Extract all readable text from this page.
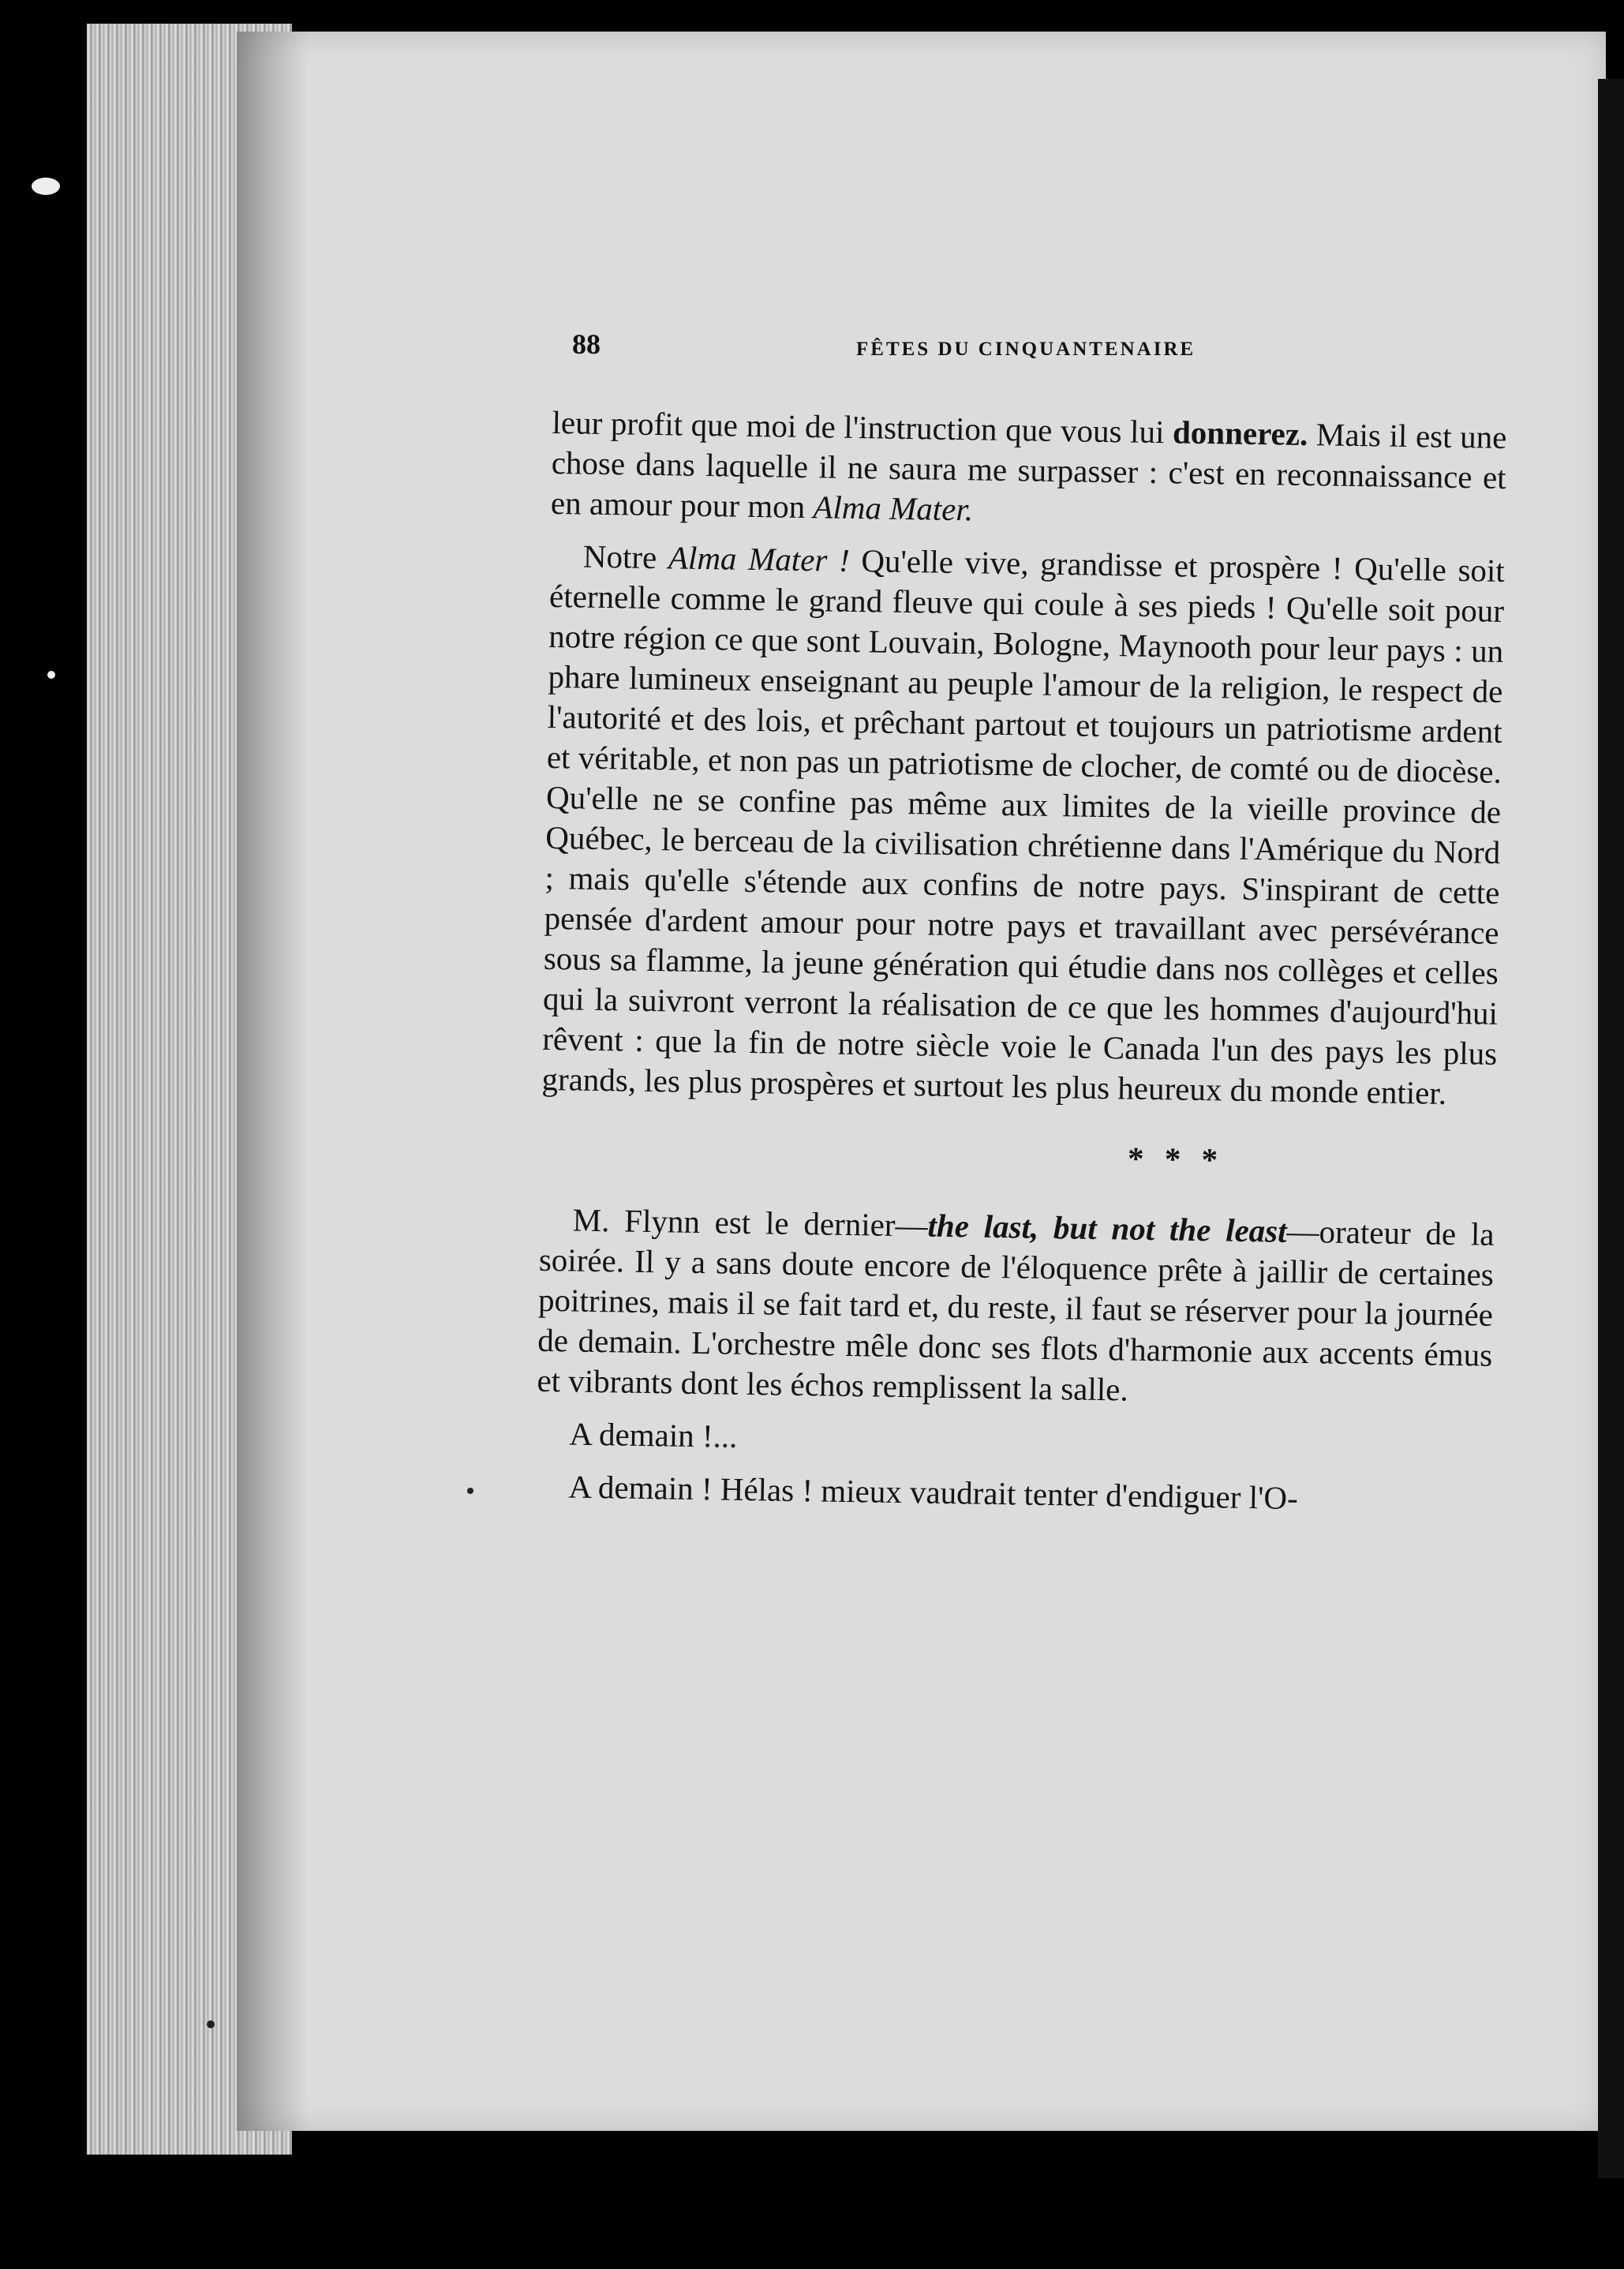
88	FÊTES DU CINQUANTENAIRE

leur profit que moi de l'instruction que vous lui donnerez. Mais il est une chose dans laquelle il ne saura me surpasser : c'est en reconnaissance et en amour pour mon Alma Mater.

Notre Alma Mater ! Qu'elle vive, grandisse et prospère ! Qu'elle soit éternelle comme le grand fleuve qui coule à ses pieds ! Qu'elle soit pour notre région ce que sont Louvain, Bologne, Maynooth pour leur pays : un phare lumineux enseignant au peuple l'amour de la religion, le respect de l'autorité et des lois, et prêchant partout et toujours un patriotisme ardent et véritable, et non pas un patriotisme de clocher, de comté ou de diocèse. Qu'elle ne se confine pas même aux limites de la vieille province de Québec, le berceau de la civilisation chrétienne dans l'Amérique du Nord ; mais qu'elle s'étende aux confins de notre pays. S'inspirant de cette pensée d'ardent amour pour notre pays et travaillant avec persévérance sous sa flamme, la jeune génération qui étudie dans nos collèges et celles qui la suivront verront la réalisation de ce que les hommes d'aujourd'hui rêvent : que la fin de notre siècle voie le Canada l'un des pays les plus grands, les plus prospères et surtout les plus heureux du monde entier.

* * *

M. Flynn est le dernier—the last, but not the least—orateur de la soirée. Il y a sans doute encore de l'éloquence prête à jaillir de certaines poitrines, mais il se fait tard et, du reste, il faut se réserver pour la journée de demain. L'orchestre mêle donc ses flots d'harmonie aux accents émus et vibrants dont les échos remplissent la salle.

A demain !...

A demain ! Hélas ! mieux vaudrait tenter d'endiguer l'O-
